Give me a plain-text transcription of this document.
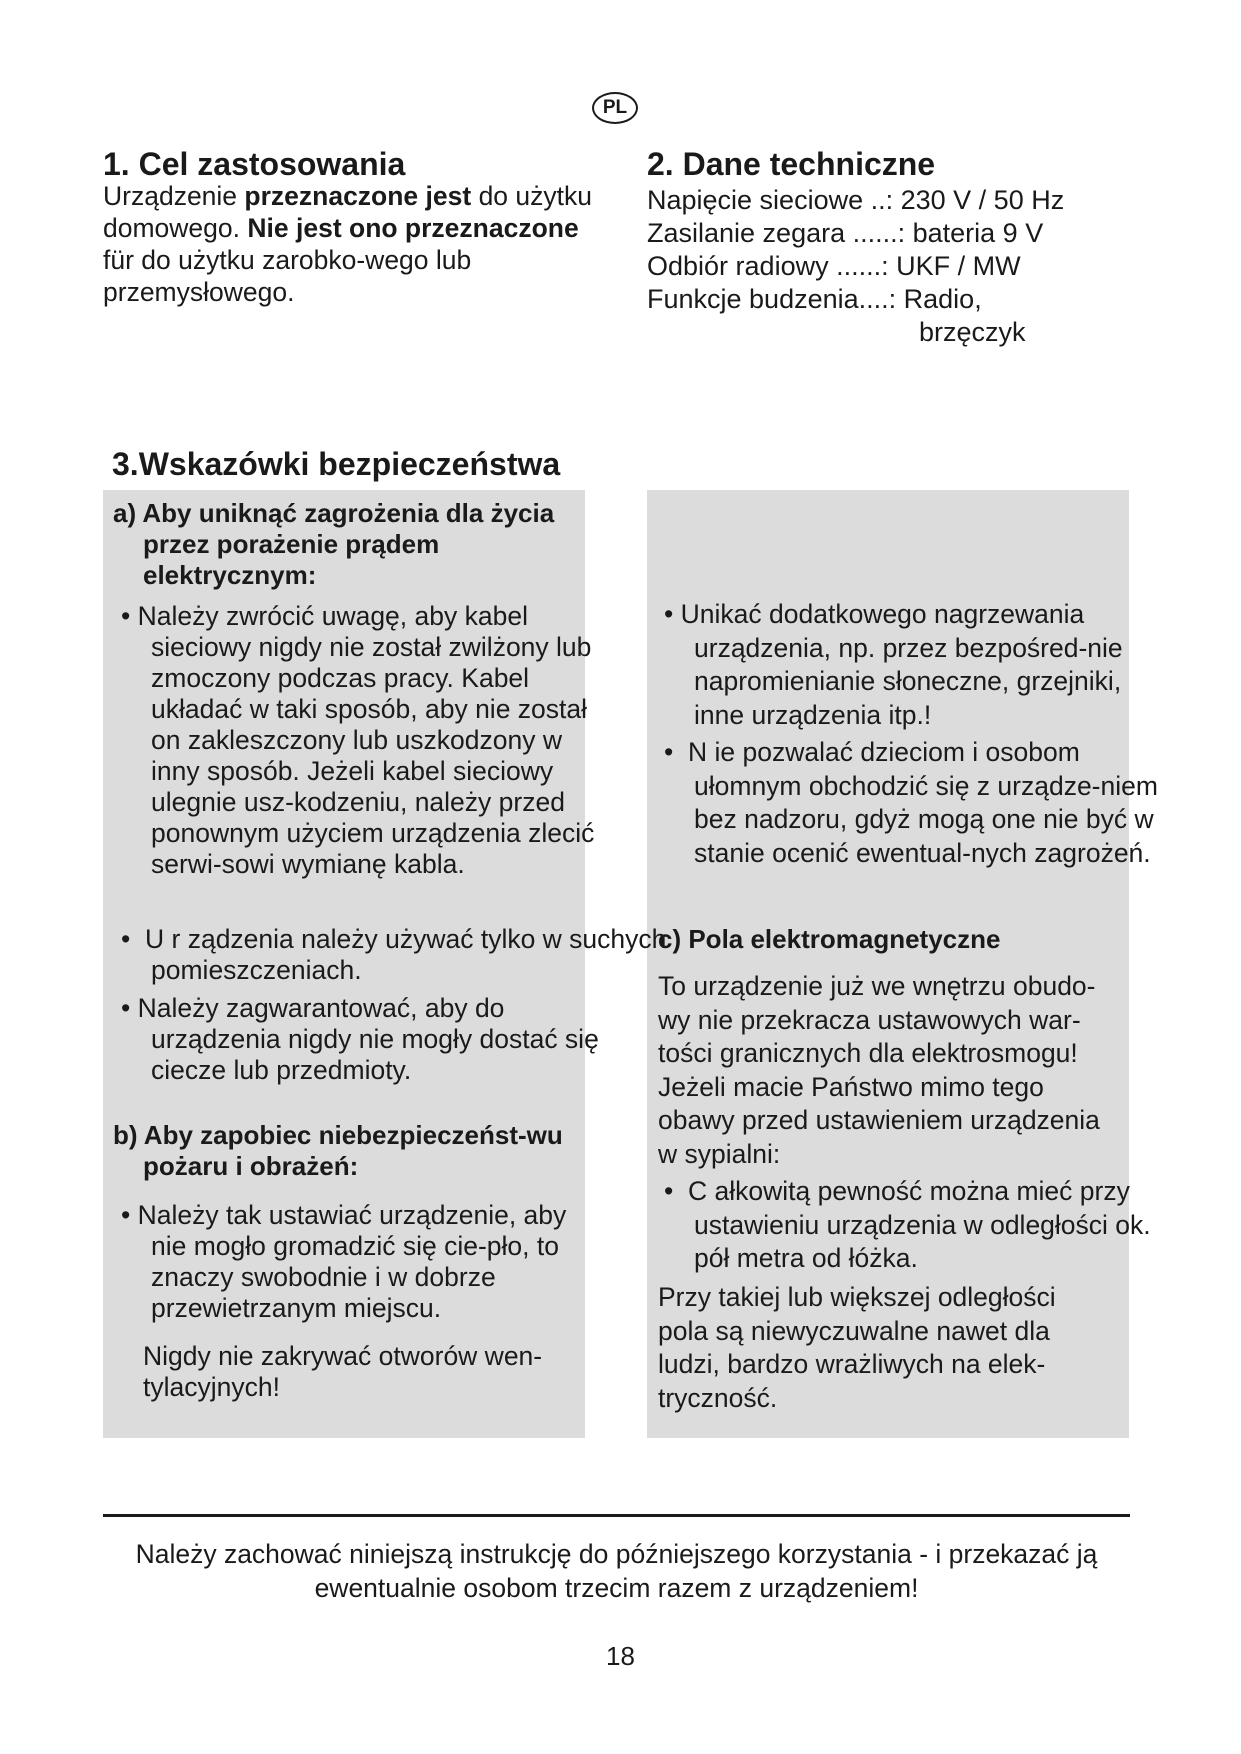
PL
1. Cel zastosowania
Urządzenie przeznaczone jest do użytku domowego. Nie jest ono przeznaczone für do użytku zarobko-wego lub przemysłowego.
2. Dane techniczne
Napięcie sieciowe ..: 230 V / 50 Hz
Zasilanie zegara ......: bateria 9 V
Odbiór radiowy ......: UKF / MW
Funkcje budzenia....: Radio,
brzęczyk
3.Wskazówki bezpieczeństwa
a) Aby uniknąć zagrożenia dla życia przez porażenie prądem elektrycznym:
• Należy zwrócić uwagę, aby kabel sieciowy nigdy nie został zwilżony lub zmoczony podczas pracy. Kabel układać w taki sposób, aby nie został on zakleszczony lub uszkodzony w inny sposób. Jeżeli kabel sieciowy ulegnie usz-kodzeniu, należy przed ponownym użyciem urządzenia zlecić serwi-sowi wymianę kabla.
•  U r ządzenia należy używać tylko w suchych pomieszczeniach.
• Należy zagwarantować, aby do urządzenia nigdy nie mogły dostać się ciecze lub przedmioty.
b) Aby zapobiec niebezpieczeńst-wu pożaru i obrażeń:
• Należy tak ustawiać urządzenie, aby nie mogło gromadzić się cie-pło, to znaczy swobodnie i w dobrze przewietrzanym miejscu.
Nigdy nie zakrywać otworów wen-tylacyjnych!
• Unikać dodatkowego nagrzewania urządzenia, np. przez bezpośred-nie napromienianie słoneczne, grzejniki, inne urządzenia itp.!
•  N ie pozwalać dzieciom i osobom ułomnym obchodzić się z urządze-niem bez nadzoru, gdyż mogą one nie być w stanie ocenić ewentual-nych zagrożeń.
c) Pola elektromagnetyczne
To urządzenie już we wnętrzu obudo-wy nie przekracza ustawowych war-tości granicznych dla elektrosmogu! Jeżeli macie Państwo mimo tego obawy przed ustawieniem urządzenia w sypialni:
•  C ałkowitą pewność można mieć przy ustawieniu urządzenia w odległości ok. pół metra od łóżka.
Przy takiej lub większej odległości pola są niewyczuwalne nawet dla ludzi, bardzo wrażliwych na elek-tryczność.
Należy zachować niniejszą instrukcję do późniejszego korzystania - i przekazać ją ewentualnie osobom trzecim razem z urządzeniem!
18
